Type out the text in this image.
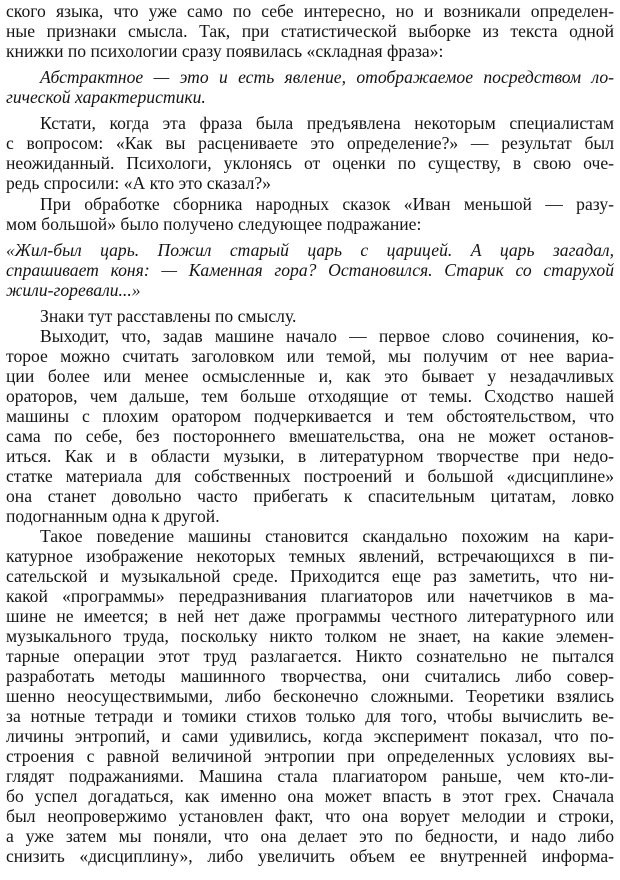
ского языка, что уже само по себе интересно, но и возникали определен-
ные признаки смысла. Так, при статистической выборке из текста одной
книжки по психологии сразу появилась «складная фраза»:
Абстрактное — это и есть явление, отображаемое посредством ло-
гической характеристики.
Кстати, когда эта фраза была предъявлена некоторым специалистам
с вопросом: «Как вы расцениваете это определение?» — результат был
неожиданный. Психологи, уклонясь от оценки по существу, в свою оче-
редь спросили: «А кто это сказал?»
При обработке сборника народных сказок «Иван меньшой — разу-
мом большой» было получено следующее подражание:
«Жил-был царь. Пожил старый царь с царицей. А царь загадал,
спрашивает коня: — Каменная гора? Остановился. Старик со старухой
жили-горевали...»
Знаки тут расставлены по смыслу.
Выходит, что, задав машине начало — первое слово сочинения, ко-
торое можно считать заголовком или темой, мы получим от нее вариа-
ции более или менее осмысленные и, как это бывает у незадачливых
ораторов, чем дальше, тем больше отходящие от темы. Сходство нашей
машины с плохим оратором подчеркивается и тем обстоятельством, что
сама по себе, без постороннего вмешательства, она не может останов-
иться. Как и в области музыки, в литературном творчестве при недо-
статке материала для собственных построений и большой «дисциплине»
она станет довольно часто прибегать к спасительным цитатам, ловко
подогнанным одна к другой.
Такое поведение машины становится скандально похожим на кари-
катурное изображение некоторых темных явлений, встречающихся в пи-
сательской и музыкальной среде. Приходится еще раз заметить, что ни-
какой «программы» передразнивания плагиаторов или начетчиков в ма-
шине не имеется; в ней нет даже программы честного литературного или
музыкального труда, поскольку никто толком не знает, на какие элемен-
тарные операции этот труд разлагается. Никто сознательно не пытался
разработать методы машинного творчества, они считались либо совер-
шенно неосуществимыми, либо бесконечно сложными. Теоретики взялись
за нотные тетради и томики стихов только для того, чтобы вычислить ве-
личины энтропий, и сами удивились, когда эксперимент показал, что по-
строения с равной величиной энтропии при определенных условиях вы-
глядят подражаниями. Машина стала плагиатором раньше, чем кто-ли-
бо успел догадаться, как именно она может впасть в этот грех. Сначала
был неопровержимо установлен факт, что она ворует мелодии и строки,
а уже затем мы поняли, что она делает это по бедности, и надо либо
снизить «дисциплину», либо увеличить объем ее внутренней информа-
